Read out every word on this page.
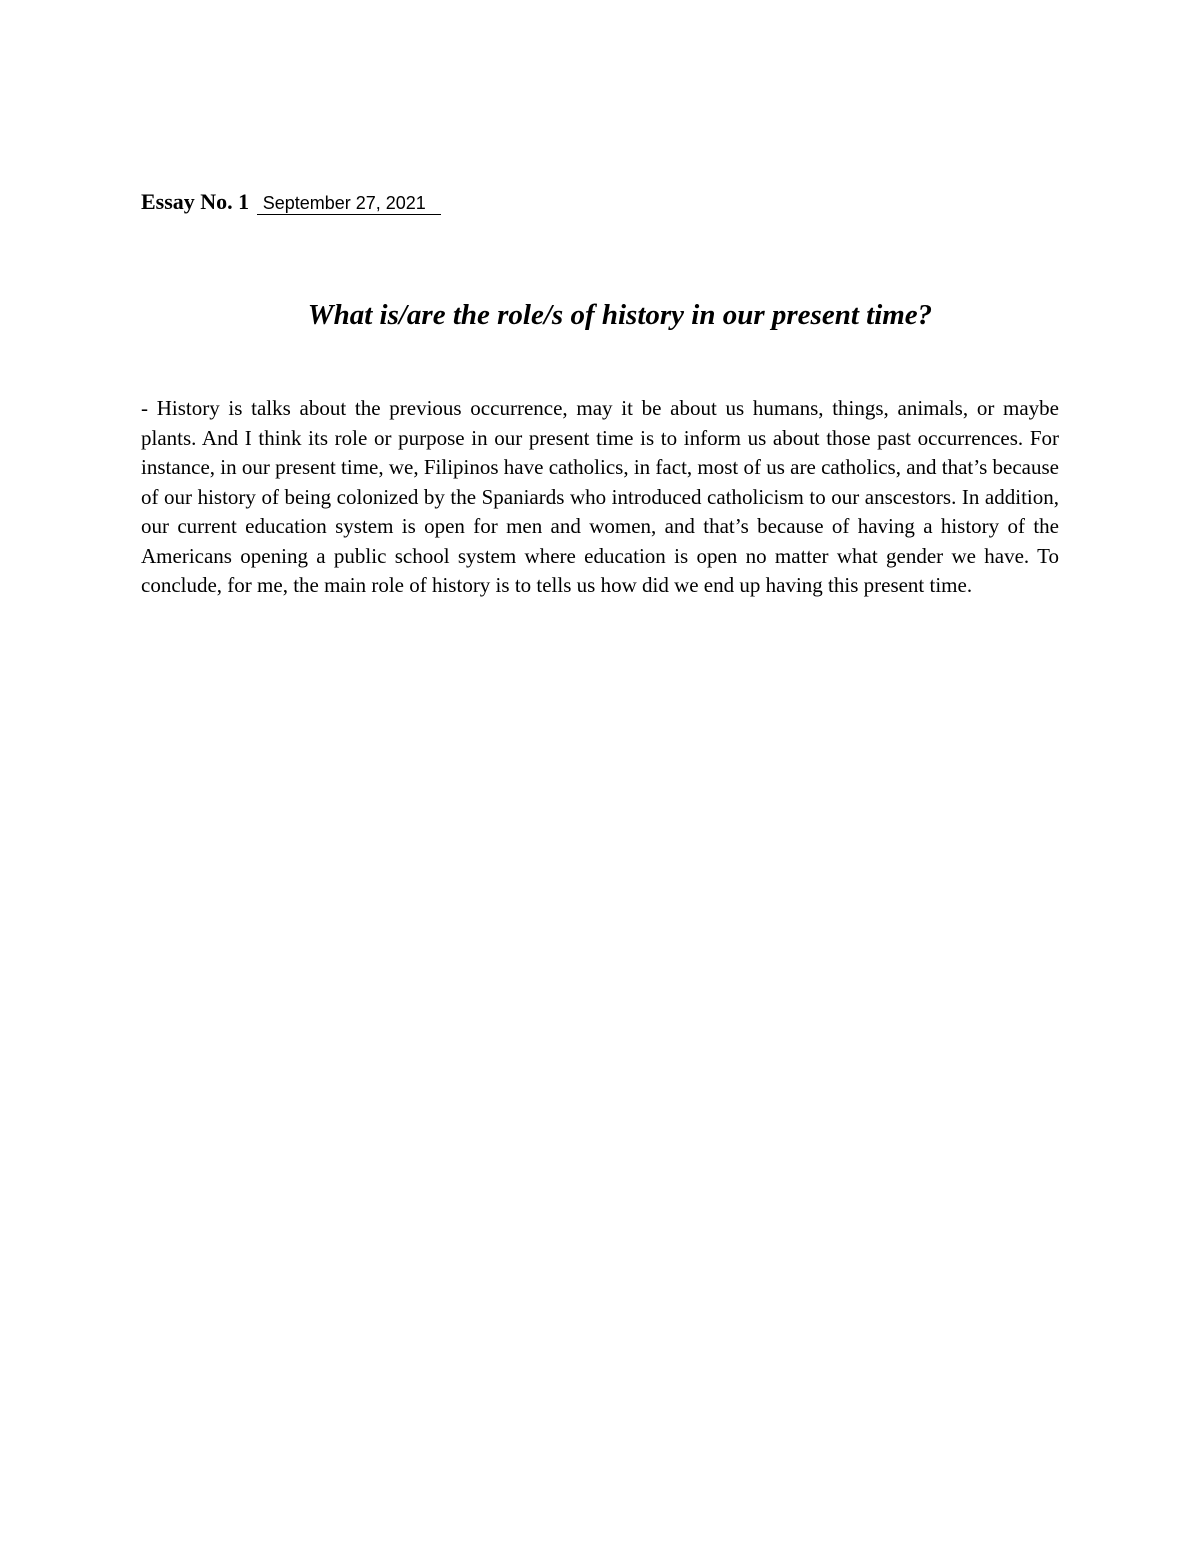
Essay No. 1 September 27, 2021
What is/are the role/s of history in our present time?

- History is talks about the previous occurrence, may it be about us humans, things, animals, or maybe plants. And I think its role or purpose in our present time is to inform us about those past occurrences. For instance, in our present time, we, Filipinos have catholics, in fact, most of us are catholics, and that’s because of our history of being colonized by the Spaniards who introduced catholicism to our anscestors. In addition, our current education system is open for men and women, and that’s because of having a history of the Americans opening a public school system where education is open no matter what gender we have. To conclude, for me, the main role of history is to tells us how did we end up having this present time.
